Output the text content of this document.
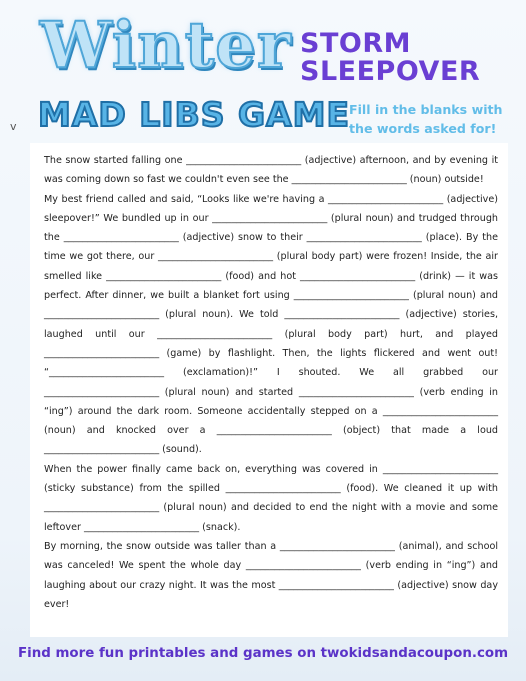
Winter STORM
SLEEPOVER
MAD LIBS GAME Fill in the blanks with the words asked for!
v

The snow started falling one ________________________ (adjective) afternoon, and by evening it was coming down so fast we couldn't even see the ________________________ (noun) outside!

My best friend called and said, “Looks like we're having a ________________________ (adjective) sleepover!” We bundled up in our ________________________ (plural noun) and trudged through the ________________________ (adjective) snow to their ________________________ (place). By the time we got there, our ________________________ (plural body part) were frozen! Inside, the air smelled like ________________________ (food) and hot ________________________ (drink) — it was perfect. After dinner, we built a blanket fort using ________________________ (plural noun) and ________________________ (plural noun). We told ________________________ (adjective) stories, laughed until our ________________________ (plural body part) hurt, and played ________________________ (game) by flashlight. Then, the lights flickered and went out! “________________________ (exclamation)!” I shouted. We all grabbed our ________________________ (plural noun) and started ________________________ (verb ending in “ing”) around the dark room. Someone accidentally stepped on a ________________________ (noun) and knocked over a ________________________ (object) that made a loud ________________________ (sound).

When the power finally came back on, everything was covered in ________________________ (sticky substance) from the spilled ________________________ (food). We cleaned it up with ________________________ (plural noun) and decided to end the night with a movie and some leftover ________________________ (snack).

By morning, the snow outside was taller than a ________________________ (animal), and school was canceled! We spent the whole day ________________________ (verb ending in “ing”) and laughing about our crazy night. It was the most ________________________ (adjective) snow day ever!

Find more fun printables and games on twokidsandacoupon.com
